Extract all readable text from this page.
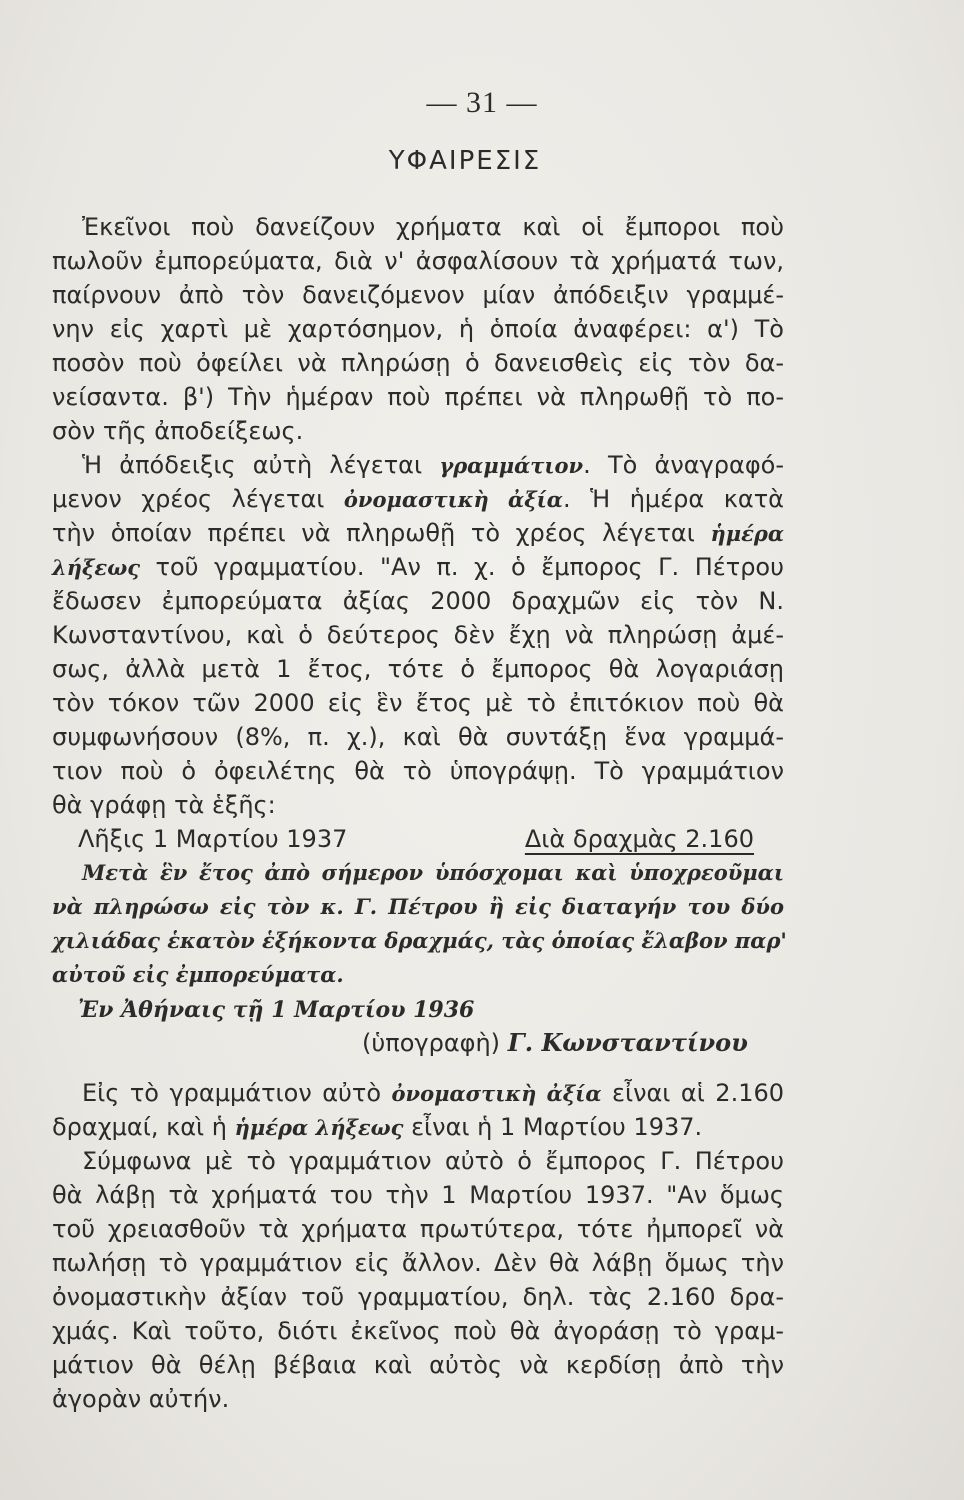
— 31 —
ΥΦΑΙΡΕΣΙΣ
Ἐκεῖνοι ποὺ δανείζουν χρήματα καὶ οἱ ἔμποροι ποὺ
πωλοῦν ἐμπορεύματα, διὰ ν' ἀσφαλίσουν τὰ χρήματά των,
παίρνουν ἀπὸ τὸν δανειζόμενον μίαν ἀπόδειξιν γραμμέ-
νην εἰς χαρτὶ μὲ χαρτόσημον, ἡ ὁποία ἀναφέρει: α') Τὸ
ποσὸν ποὺ ὀφείλει νὰ πληρώσῃ ὁ δανεισθεὶς εἰς τὸν δα-
νείσαντα. β') Τὴν ἡμέραν ποὺ πρέπει νὰ πληρωθῇ τὸ πο-
σὸν τῆς ἀποδείξεως.
Ἡ ἀπόδειξις αὐτὴ λέγεται γραμμάτιον. Τὸ ἀναγραφό-
μενον χρέος λέγεται ὀνομαστικὴ ἀξία. Ἡ ἡμέρα κατὰ
τὴν ὁποίαν πρέπει νὰ πληρωθῇ τὸ χρέος λέγεται ἡμέρα
λήξεως τοῦ γραμματίου. "Αν π. χ. ὁ ἔμπορος Γ. Πέτρου
ἔδωσεν ἐμπορεύματα ἀξίας 2000 δραχμῶν εἰς τὸν Ν.
Κωνσταντίνου, καὶ ὁ δεύτερος δὲν ἔχῃ νὰ πληρώσῃ ἀμέ-
σως, ἀλλὰ μετὰ 1 ἔτος, τότε ὁ ἔμπορος θὰ λογαριάσῃ
τὸν τόκον τῶν 2000 εἰς ἓν ἔτος μὲ τὸ ἐπιτόκιον ποὺ θὰ
συμφωνήσουν (8%, π. χ.), καὶ θὰ συντάξῃ ἕνα γραμμά-
τιον ποὺ ὁ ὀφειλέτης θὰ τὸ ὑπογράψῃ. Τὸ γραμμάτιον
θὰ γράφῃ τὰ ἑξῆς:
Λῆξις 1 Μαρτίου 1937	Διὰ δραχμὰς 2.160
Μετὰ ἓν ἔτος ἀπὸ σήμερον ὑπόσχομαι καὶ ὑποχρεοῦμαι
νὰ πληρώσω εἰς τὸν κ. Γ. Πέτρου ἢ εἰς διαταγήν του δύο
χιλιάδας ἑκατὸν ἑξήκοντα δραχμάς, τὰς ὁποίας ἔλαβον παρ'
αὐτοῦ εἰς ἐμπορεύματα.
Ἐν Ἀθήναις τῇ 1 Μαρτίου 1936
(ὑπογραφὴ) Γ. Κωνσταντίνου
Εἰς τὸ γραμμάτιον αὐτὸ ὀνομαστικὴ ἀξία εἶναι αἱ 2.160
δραχμαί, καὶ ἡ ἡμέρα λήξεως εἶναι ἡ 1 Μαρτίου 1937.
Σύμφωνα μὲ τὸ γραμμάτιον αὐτὸ ὁ ἔμπορος Γ. Πέτρου
θὰ λάβῃ τὰ χρήματά του τὴν 1 Μαρτίου 1937. "Αν ὅμως
τοῦ χρειασθοῦν τὰ χρήματα πρωτύτερα, τότε ἠμπορεῖ νὰ
πωλήσῃ τὸ γραμμάτιον εἰς ἄλλον. Δὲν θὰ λάβῃ ὅμως τὴν
ὀνομαστικὴν ἀξίαν τοῦ γραμματίου, δηλ. τὰς 2.160 δρα-
χμάς. Καὶ τοῦτο, διότι ἐκεῖνος ποὺ θὰ ἀγοράσῃ τὸ γραμ-
μάτιον θὰ θέλῃ βέβαια καὶ αὐτὸς νὰ κερδίσῃ ἀπὸ τὴν
ἀγορὰν αὐτήν.
